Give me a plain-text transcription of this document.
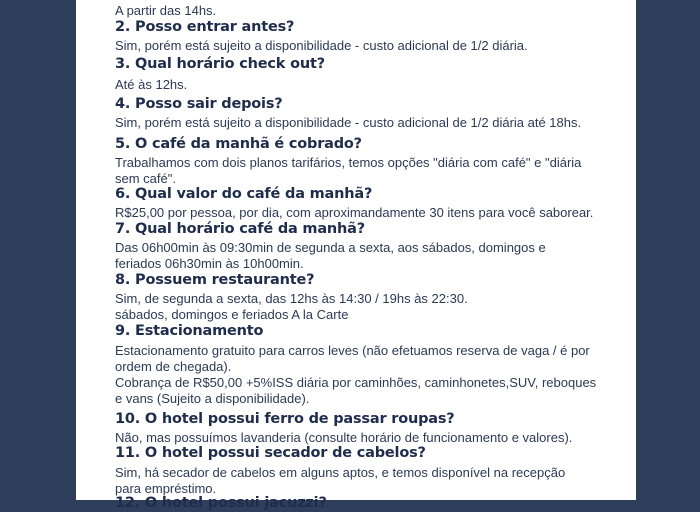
A partir das 14hs.
2. Posso entrar antes?
Sim, porém está sujeito a disponibilidade - custo adicional de 1/2 diária.
3. Qual horário check out?
Até às 12hs.
4. Posso sair depois?
Sim, porém está sujeito a disponibilidade - custo adicional de 1/2 diária até 18hs.
5. O café da manhã é cobrado?
Trabalhamos com dois planos tarifários, temos opções "diária com café" e "diária
sem café".
6. Qual valor do café da manhã?
R$25,00 por pessoa, por dia, com aproximandamente 30 itens para você saborear.
7. Qual horário café da manhã?
Das 06h00min às 09:30min de segunda a sexta, aos sábados, domingos e
feriados 06h30min às 10h00min.
8. Possuem restaurante?
Sim, de segunda a sexta, das 12hs às 14:30 / 19hs às 22:30.
sábados, domingos e feriados A la Carte
9. Estacionamento
Estacionamento gratuito para carros leves (não efetuamos reserva de vaga / é por
ordem de chegada).
Cobrança de R$50,00 +5%ISS diária por caminhões, caminhonetes,SUV, reboques
e vans (Sujeito a disponibilidade).
10. O hotel possui ferro de passar roupas?
Não, mas possuímos lavanderia (consulte horário de funcionamento e valores).
11. O hotel possui secador de cabelos?
Sim, há secador de cabelos em alguns aptos, e temos disponível na recepção
para empréstimo.
12. O hotel possui jacuzzi?
